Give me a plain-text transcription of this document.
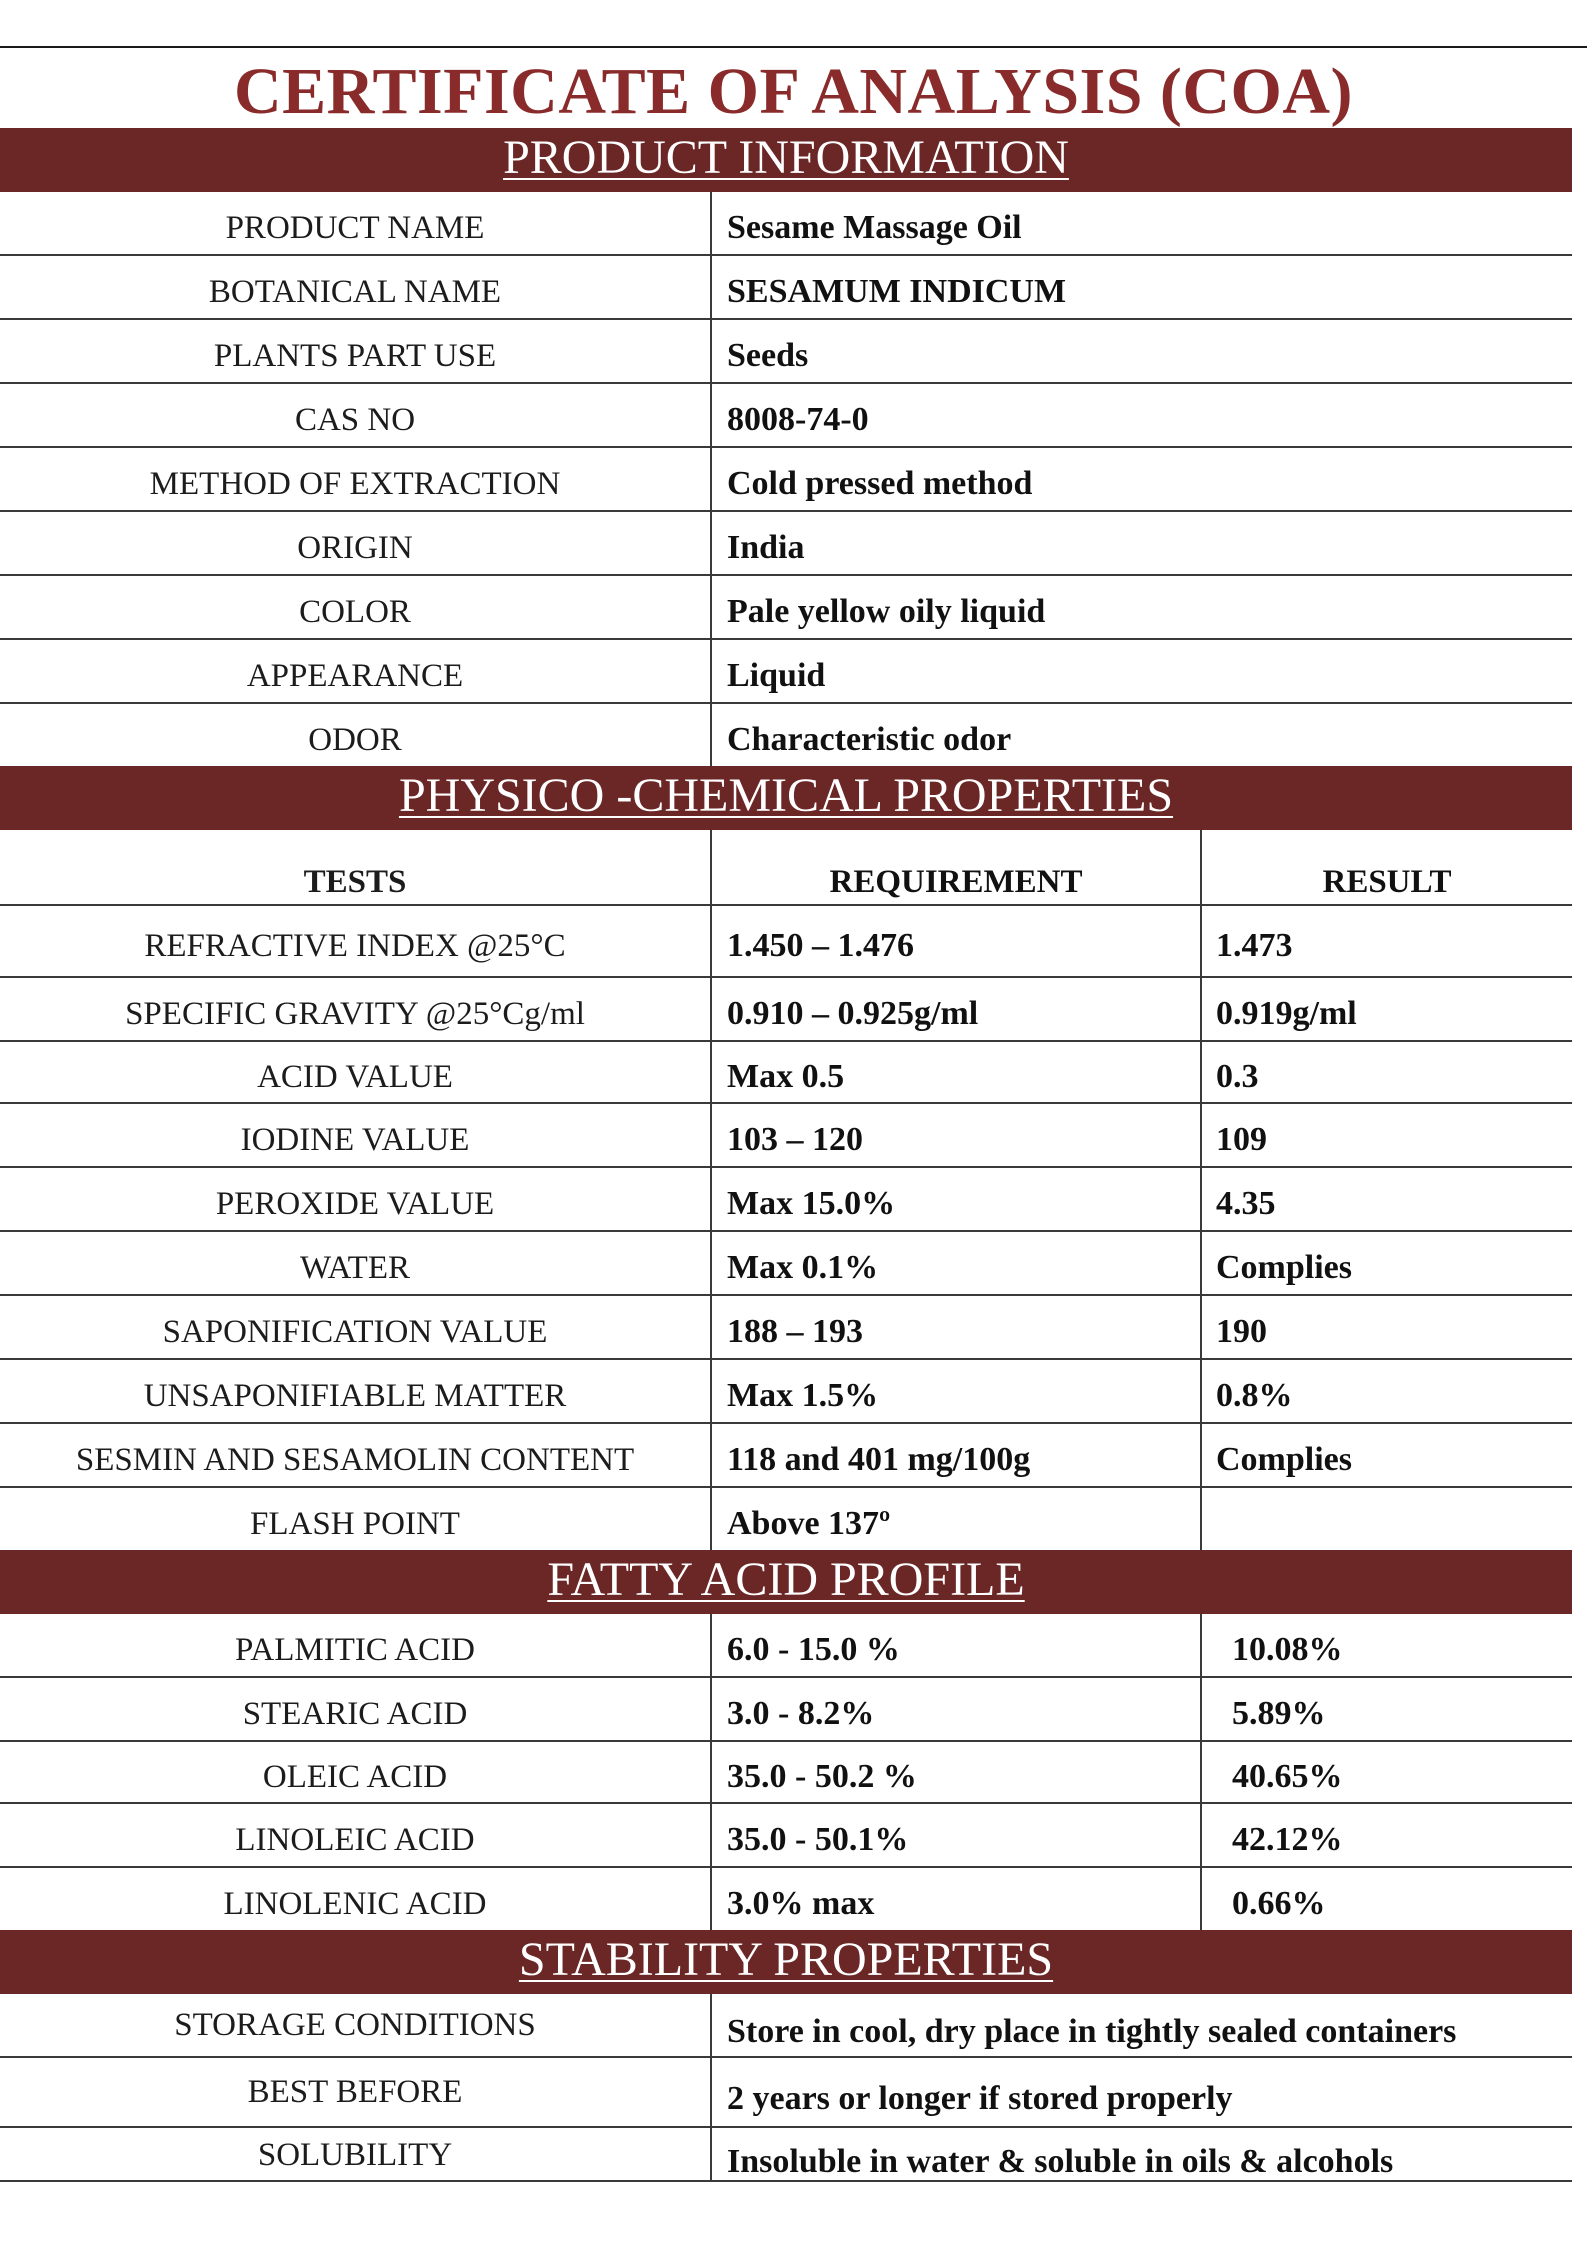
CERTIFICATE OF ANALYSIS (COA)
PRODUCT INFORMATION
PRODUCT NAME	Sesame Massage Oil
BOTANICAL NAME	SESAMUM INDICUM
PLANTS PART USE	Seeds
CAS NO	8008-74-0
METHOD OF EXTRACTION	Cold pressed method
ORIGIN	India
COLOR	Pale yellow oily liquid
APPEARANCE	Liquid
ODOR	Characteristic odor
PHYSICO -CHEMICAL PROPERTIES
TESTS	REQUIREMENT	RESULT
REFRACTIVE INDEX @25°C	1.450 – 1.476	1.473
SPECIFIC GRAVITY @25°Cg/ml	0.910 – 0.925g/ml	0.919g/ml
ACID VALUE	Max 0.5	0.3
IODINE VALUE	103 – 120	109
PEROXIDE VALUE	Max 15.0%	4.35
WATER	Max 0.1%	Complies
SAPONIFICATION VALUE	188 – 193	190
UNSAPONIFIABLE MATTER	Max 1.5%	0.8%
SESMIN AND SESAMOLIN CONTENT	118 and 401 mg/100g	Complies
FLASH POINT	Above 137º
FATTY ACID PROFILE
PALMITIC ACID	6.0 - 15.0 %	10.08%
STEARIC ACID	3.0 - 8.2%	5.89%
OLEIC ACID	35.0 - 50.2 %	40.65%
LINOLEIC ACID	35.0 - 50.1%	42.12%
LINOLENIC ACID	3.0% max	0.66%
STABILITY PROPERTIES
STORAGE CONDITIONS	Store in cool, dry place in tightly sealed containers
BEST BEFORE	2 years or longer if stored properly
SOLUBILITY	Insoluble in water & soluble in oils & alcohols
